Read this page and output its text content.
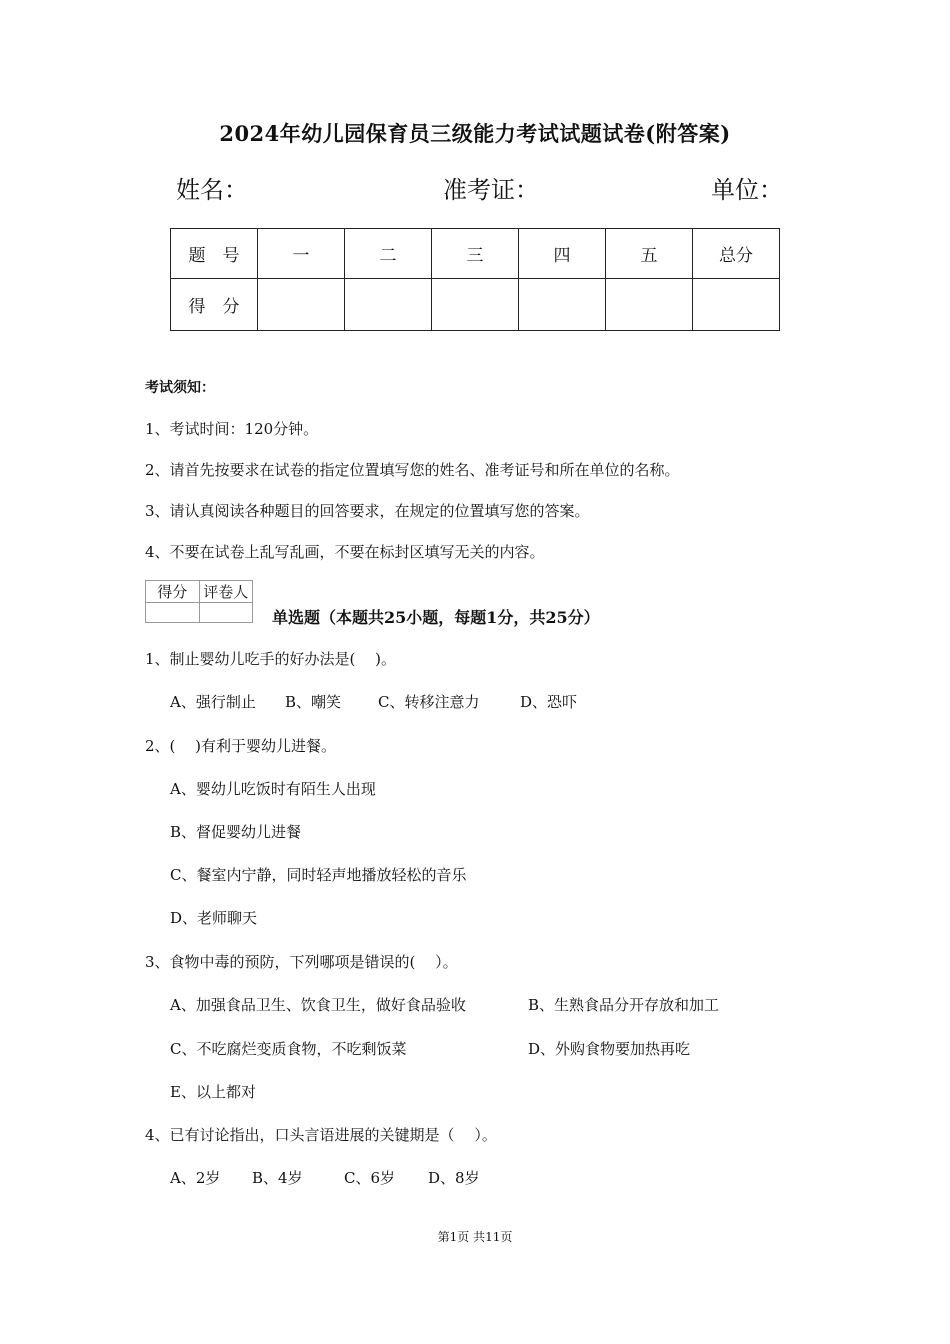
2024年幼儿园保育员三级能力考试试题试卷(附答案)
姓名：	准考证：	单位：
题　号	一	二	三	四	五	总分
得　分						
考试须知：
1、考试时间：120分钟。
2、请首先按要求在试卷的指定位置填写您的姓名、准考证号和所在单位的名称。
3、请认真阅读各种题目的回答要求，在规定的位置填写您的答案。
4、不要在试卷上乱写乱画，不要在标封区填写无关的内容。
得分	评卷人

单选题（本题共25小题，每题1分，共25分）
1、制止婴幼儿吃手的好办法是(　 )。
A、强行制止 B、嘲笑 C、转移注意力	D、恐吓
2、(　 )有利于婴幼儿进餐。
A、婴幼儿吃饭时有陌生人出现
B、督促婴幼儿进餐
C、餐室内宁静，同时轻声地播放轻松的音乐
D、老师聊天
3、食物中毒的预防，下列哪项是错误的(　 ）。
A、加强食品卫生、饮食卫生，做好食品验收	B、生熟食品分开存放和加工
C、不吃腐烂变质食物，不吃剩饭菜	D、外购食物要加热再吃
E、以上都对
4、已有讨论指出，口头言语进展的关键期是（　 ）。
A、2岁 B、4岁	C、6岁 D、8岁
第1页 共11页
